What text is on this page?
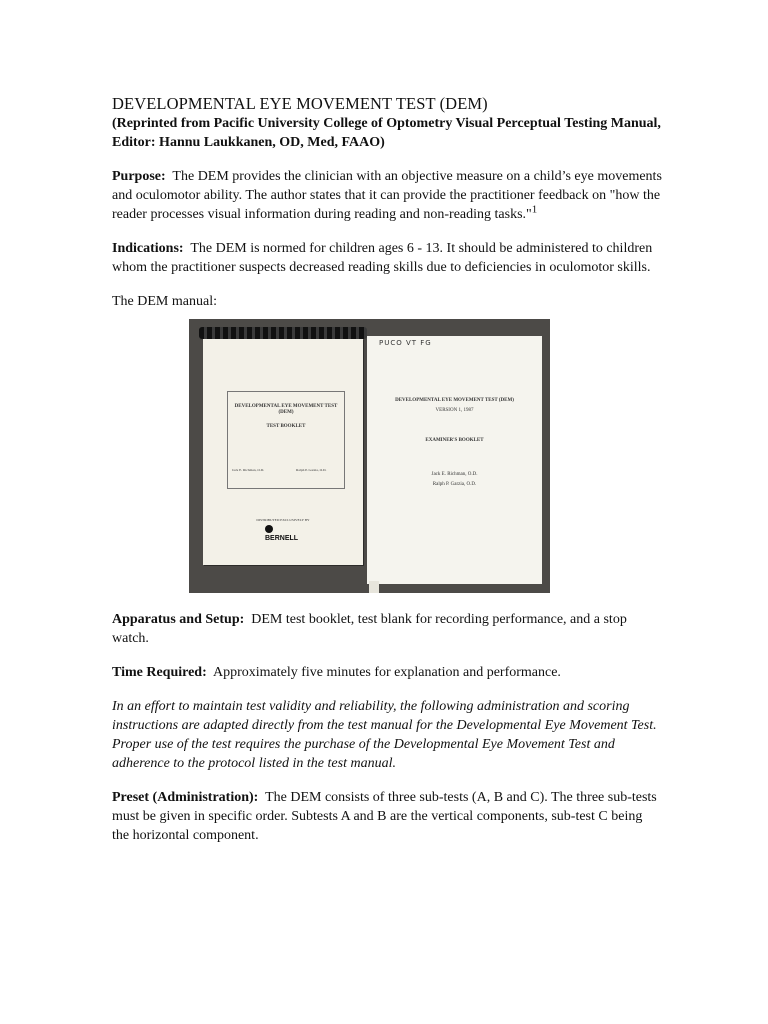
DEVELOPMENTAL EYE MOVEMENT TEST (DEM)
(Reprinted from Pacific University College of Optometry Visual Perceptual Testing Manual, Editor: Hannu Laukkanen, OD, Med, FAAO)

Purpose: The DEM provides the clinician with an objective measure on a child’s eye movements and oculomotor ability. The author states that it can provide the practitioner feedback on "how the reader processes visual information during reading and non-reading tasks."$^1$

Indications: The DEM is normed for children ages 6 - 13. It should be administered to children whom the practitioner suspects decreased reading skills due to deficiencies in oculomotor skills.

The DEM manual:

DEVELOPMENTAL EYE MOVEMENT TEST (DEM)
TEST BOOKLET
Jack E. Richman, O.D.	Ralph P. Garzia, O.D.
DISTRIBUTED EXCLUSIVELY BY
BERNELL
DEVELOPMENTAL EYE MOVEMENT TEST (DEM)
VERSION 1, 1987
EXAMINER'S BOOKLET
Jack E. Richman, O.D.
Ralph P. Garzia, O.D.
PUCO VT FG

Apparatus and Setup: DEM test booklet, test blank for recording performance, and a stop watch.

Time Required: Approximately five minutes for explanation and performance.

In an effort to maintain test validity and reliability, the following administration and scoring instructions are adapted directly from the test manual for the Developmental Eye Movement Test. Proper use of the test requires the purchase of the Developmental Eye Movement Test and adherence to the protocol listed in the test manual.

Preset (Administration): The DEM consists of three sub-tests (A, B and C). The three sub-tests must be given in specific order. Subtests A and B are the vertical components, sub-test C being the horizontal component.
